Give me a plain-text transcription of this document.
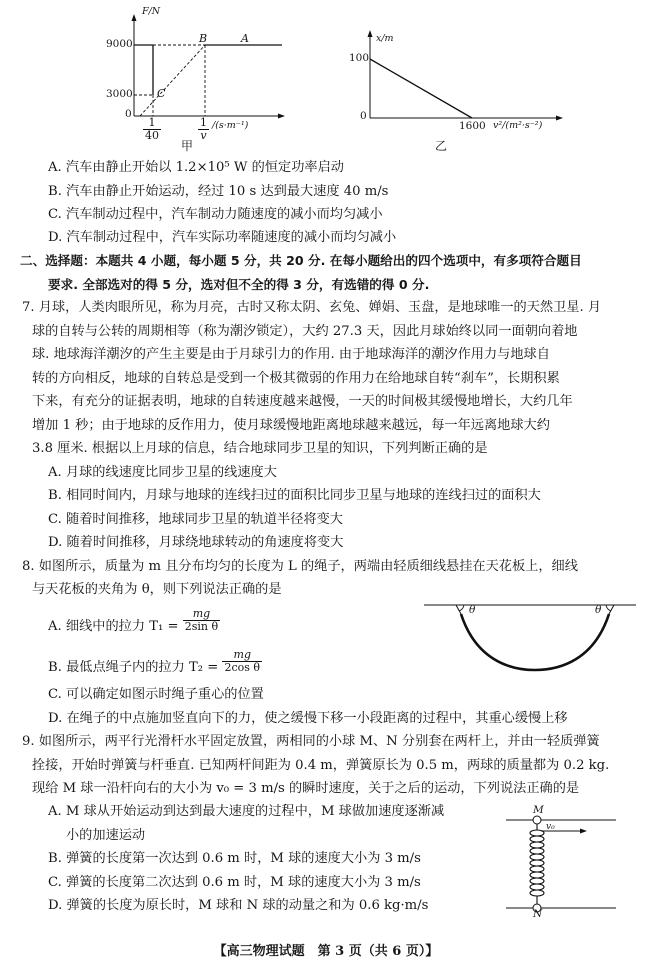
F/N
9000
3000
0
B	A
C
$\frac{1}{40}$	$\frac{1}{v} /(s\cdot m^{-1})$
甲
x/m
100
0
1600 v²/(m²·s⁻²)
乙
A. 汽车由静止开始以 1.2×10⁵ W 的恒定功率启动
B. 汽车由静止开始运动，经过 10 s 达到最大速度 40 m/s
C. 汽车制动过程中，汽车制动力随速度的减小而均匀减小
D. 汽车制动过程中，汽车实际功率随速度的减小而均匀减小
二、选择题：本题共 4 小题，每小题 5 分，共 20 分. 在每小题给出的四个选项中，有多项符合题目
要求. 全部选对的得 5 分，选对但不全的得 3 分，有选错的得 0 分.
7. 月球，人类肉眼所见，称为月亮，古时又称太阴、玄兔、婵娟、玉盘，是地球唯一的天然卫星. 月
球的自转与公转的周期相等（称为潮汐锁定），大约 27.3 天，因此月球始终以同一面朝向着地
球. 地球海洋潮汐的产生主要是由于月球引力的作用. 由于地球海洋的潮汐作用力与地球自
转的方向相反，地球的自转总是受到一个极其微弱的作用力在给地球自转“刹车”，长期积累
下来，有充分的证据表明，地球的自转速度越来越慢，一天的时间极其缓慢地增长，大约几年
增加 1 秒；由于地球的反作用力，使月球缓慢地距离地球越来越远，每一年远离地球大约
3.8 厘米. 根据以上月球的信息，结合地球同步卫星的知识，下列判断正确的是
A. 月球的线速度比同步卫星的线速度大
B. 相同时间内，月球与地球的连线扫过的面积比同步卫星与地球的连线扫过的面积大
C. 随着时间推移，地球同步卫星的轨道半径将变大
D. 随着时间推移，月球绕地球转动的角速度将变大
8. 如图所示，质量为 m 且分布均匀的长度为 L 的绳子，两端由轻质细线悬挂在天花板上，细线
与天花板的夹角为 θ，则下列说法正确的是
A. 细线中的拉力 $T_1 = \frac{mg}{\text{2sin θ}}$
B. 最低点绳子内的拉力 $T_2 = \frac{mg}{\text{2cos θ}}$
C. 可以确定如图示时绳子重心的位置
D. 在绳子的中点施加竖直向下的力，使之缓慢下移一小段距离的过程中，其重心缓慢上移
θ	θ
9. 如图所示，两平行光滑杆水平固定放置，两相同的小球 M、N 分别套在两杆上，并由一轻质弹簧
拴接，开始时弹簧与杆垂直. 已知两杆间距为 0.4 m，弹簧原长为 0.5 m，两球的质量都为 0.2 kg.
现给 M 球一沿杆向右的大小为 v₀ = 3 m/s 的瞬时速度，关于之后的运动，下列说法正确的是
A. M 球从开始运动到达到最大速度的过程中，M 球做加速度逐渐减
小的加速运动
B. 弹簧的长度第一次达到 0.6 m 时，M 球的速度大小为 3 m/s
C. 弹簧的长度第二次达到 0.6 m 时，M 球的速度大小为 3 m/s
D. 弹簧的长度为原长时，M 球和 N 球的动量之和为 0.6 kg·m/s
M
v₀
N
【高三物理试题　第 3 页（共 6 页）】
